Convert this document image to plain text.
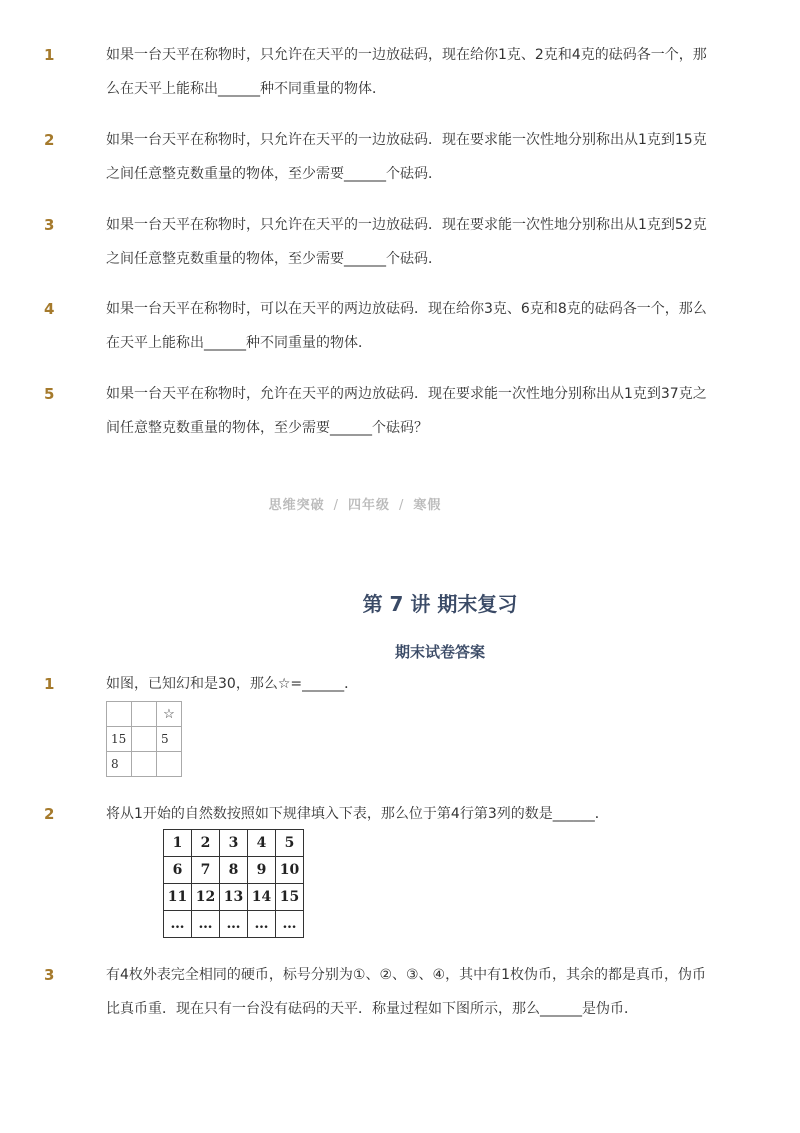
1	如果一台天平在称物时，只允许在天平的一边放砝码，现在给你1克、2克和4克的砝码各一个，那么在天平上能称出______种不同重量的物体．
2	如果一台天平在称物时，只允许在天平的一边放砝码．现在要求能一次性地分别称出从1克到15克之间任意整克数重量的物体，至少需要______个砝码．
3	如果一台天平在称物时，只允许在天平的一边放砝码．现在要求能一次性地分别称出从1克到52克之间任意整克数重量的物体，至少需要______个砝码．
4	如果一台天平在称物时，可以在天平的两边放砝码．现在给你3克、6克和8克的砝码各一个，那么在天平上能称出______种不同重量的物体．
5	如果一台天平在称物时，允许在天平的两边放砝码．现在要求能一次性地分别称出从1克到37克之间任意整克数重量的物体，至少需要______个砝码？
思维突破 / 四年级 / 寒假
第 7 讲 期末复习
期末试卷答案
1	如图，已知幻和是30，那么☆=______．
		☆
15		5
8		
2	将从1开始的自然数按照如下规律填入下表，那么位于第4行第3列的数是______．
1	2	3	4	5
6	7	8	9	10
11	12	13	14	15
…	…	…	…	…
3	有4枚外表完全相同的硬币，标号分别为①、②、③、④，其中有1枚伪币，其余的都是真币，伪币比真币重．现在只有一台没有砝码的天平．称量过程如下图所示，那么______是伪币．
